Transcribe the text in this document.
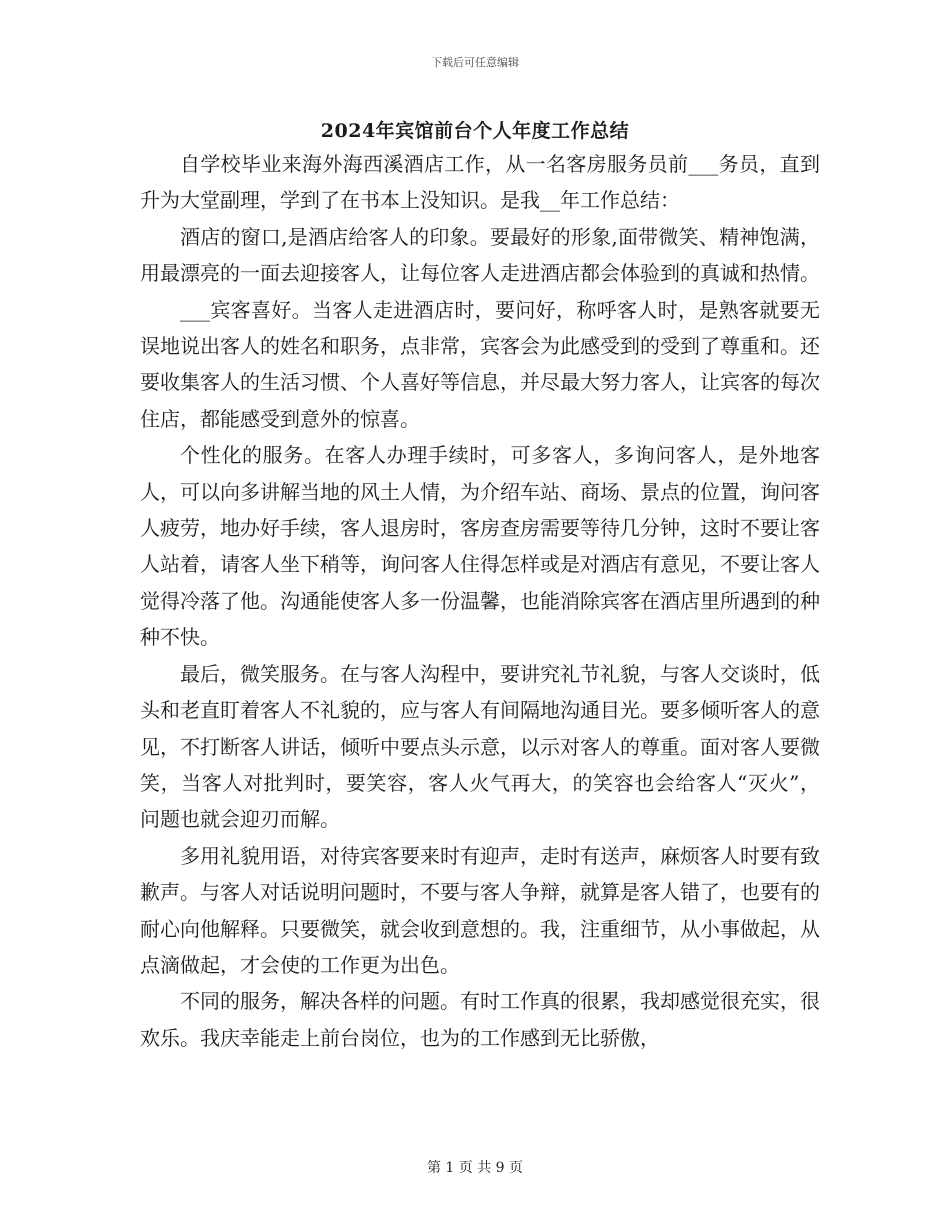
下载后可任意编辑
2024年宾馆前台个人年度工作总结

自学校毕业来海外海西溪酒店工作，从一名客房服务员前___务员，直到升为大堂副理，学到了在书本上没知识。是我__年工作总结：

酒店的窗口,是酒店给客人的印象。要最好的形象,面带微笑、精神饱满，用最漂亮的一面去迎接客人，让每位客人走进酒店都会体验到的真诚和热情。

___宾客喜好。当客人走进酒店时，要问好，称呼客人时，是熟客就要无误地说出客人的姓名和职务，点非常，宾客会为此感受到的受到了尊重和。还要收集客人的生活习惯、个人喜好等信息，并尽最大努力客人，让宾客的每次住店，都能感受到意外的惊喜。

个性化的服务。在客人办理手续时，可多客人，多询问客人，是外地客人，可以向多讲解当地的风土人情，为介绍车站、商场、景点的位置，询问客人疲劳，地办好手续，客人退房时，客房查房需要等待几分钟，这时不要让客人站着，请客人坐下稍等，询问客人住得怎样或是对酒店有意见，不要让客人觉得冷落了他。沟通能使客人多一份温馨，也能消除宾客在酒店里所遇到的种种不快。

最后，微笑服务。在与客人沟程中，要讲究礼节礼貌，与客人交谈时，低头和老直盯着客人不礼貌的，应与客人有间隔地沟通目光。要多倾听客人的意见，不打断客人讲话，倾听中要点头示意，以示对客人的尊重。面对客人要微笑，当客人对批判时，要笑容，客人火气再大，的笑容也会给客人“灭火”，问题也就会迎刃而解。

多用礼貌用语，对待宾客要来时有迎声，走时有送声，麻烦客人时要有致歉声。与客人对话说明问题时，不要与客人争辩，就算是客人错了，也要有的耐心向他解释。只要微笑，就会收到意想的。我，注重细节，从小事做起，从点滴做起，才会使的工作更为出色。

不同的服务，解决各样的问题。有时工作真的很累，我却感觉很充实，很欢乐。我庆幸能走上前台岗位，也为的工作感到无比骄傲，

第 1 页 共 9 页
